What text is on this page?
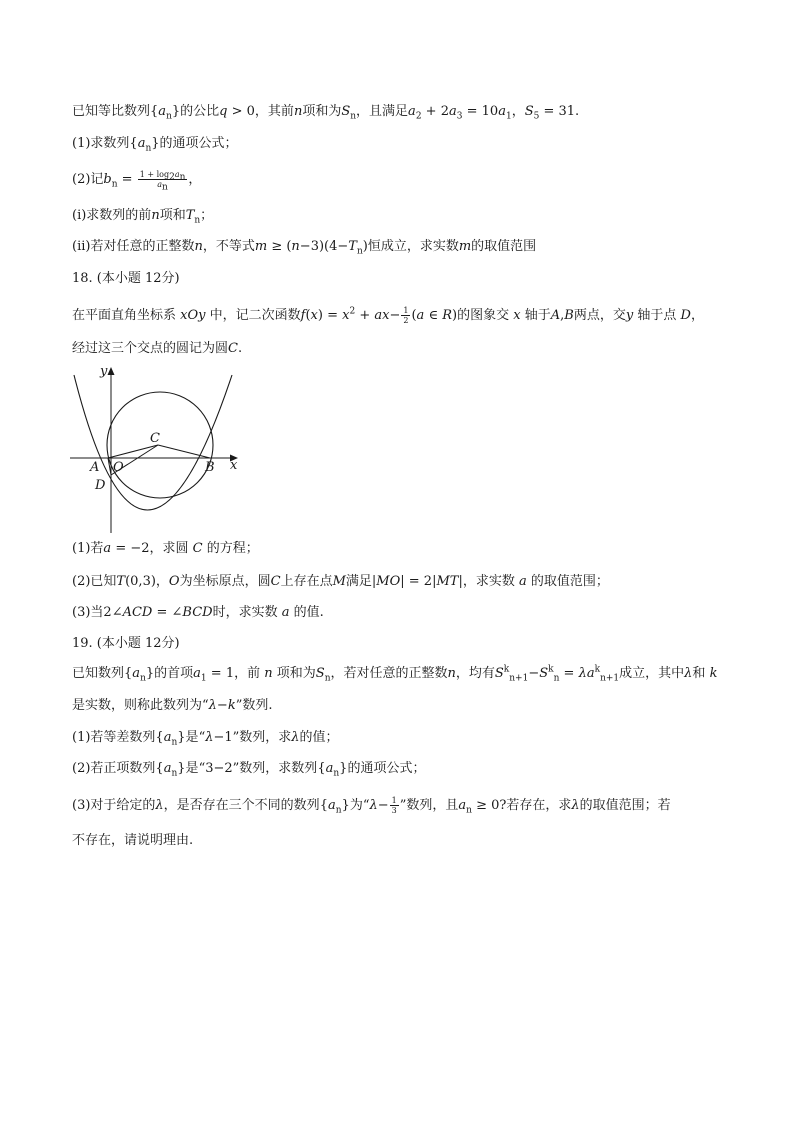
已知等比数列$\{a_n\}$的公比q > 0，其前n项和为$S_n$，且满足$a_2 + 2a_3 = 10a_1$，$S_5 = 31$.
(1)求数列$\{a_n\}$的通项公式；
(2)记$b_n = \frac{1 + \log_2a_n}{a_n}$ ，
(i)求数列的前n项和$T_n$；
(ii)若对任意的正整数n，不等式$m \ge (n-3)(4-T_n)$恒成立，求实数m的取值范围
18. (本小题 12分)
在平面直角坐标系 xOy 中，记二次函数$f(x) = x^2 + ax- \frac{1}{2} (a$ ∈ R)的图象交 x 轴于A,B两点，交y 轴于点 D，
经过这三个交点的圆记为圆C.
y
x
A O	B
C
D
(1)若a = −2，求圆 C 的方程；
(2)已知T(0,3)，O为坐标原点，圆C上存在点M满足|MO| = 2|MT|，求实数 a 的取值范围；
(3)当2∠ACD = ∠BCD时，求实数 a 的值.
19. (本小题 12分)
已知数列$\{a_n\}$的首项$a_1 = 1$，前 n 项和为$S_n$，若对任意的正整数n，均有$S^k_{n+1}-S^k_n = \lambda a^k_{n+1}$成立，其中λ和 k
是实数，则称此数列为“λ−k”数列.
(1)若等差数列$\{a_n\}$是“λ−1”数列，求λ的值；
(2)若正项数列$\{a_n\}$是“3−2”数列，求数列$\{a_n\}$的通项公式；
(3)对于给定的λ，是否存在三个不同的数列$\{a_n\}$为“$\lambda- \frac{1}{3}$ ”数列，且$a_n \ge 0$?若存在，求λ的取值范围；若
不存在，请说明理由.
